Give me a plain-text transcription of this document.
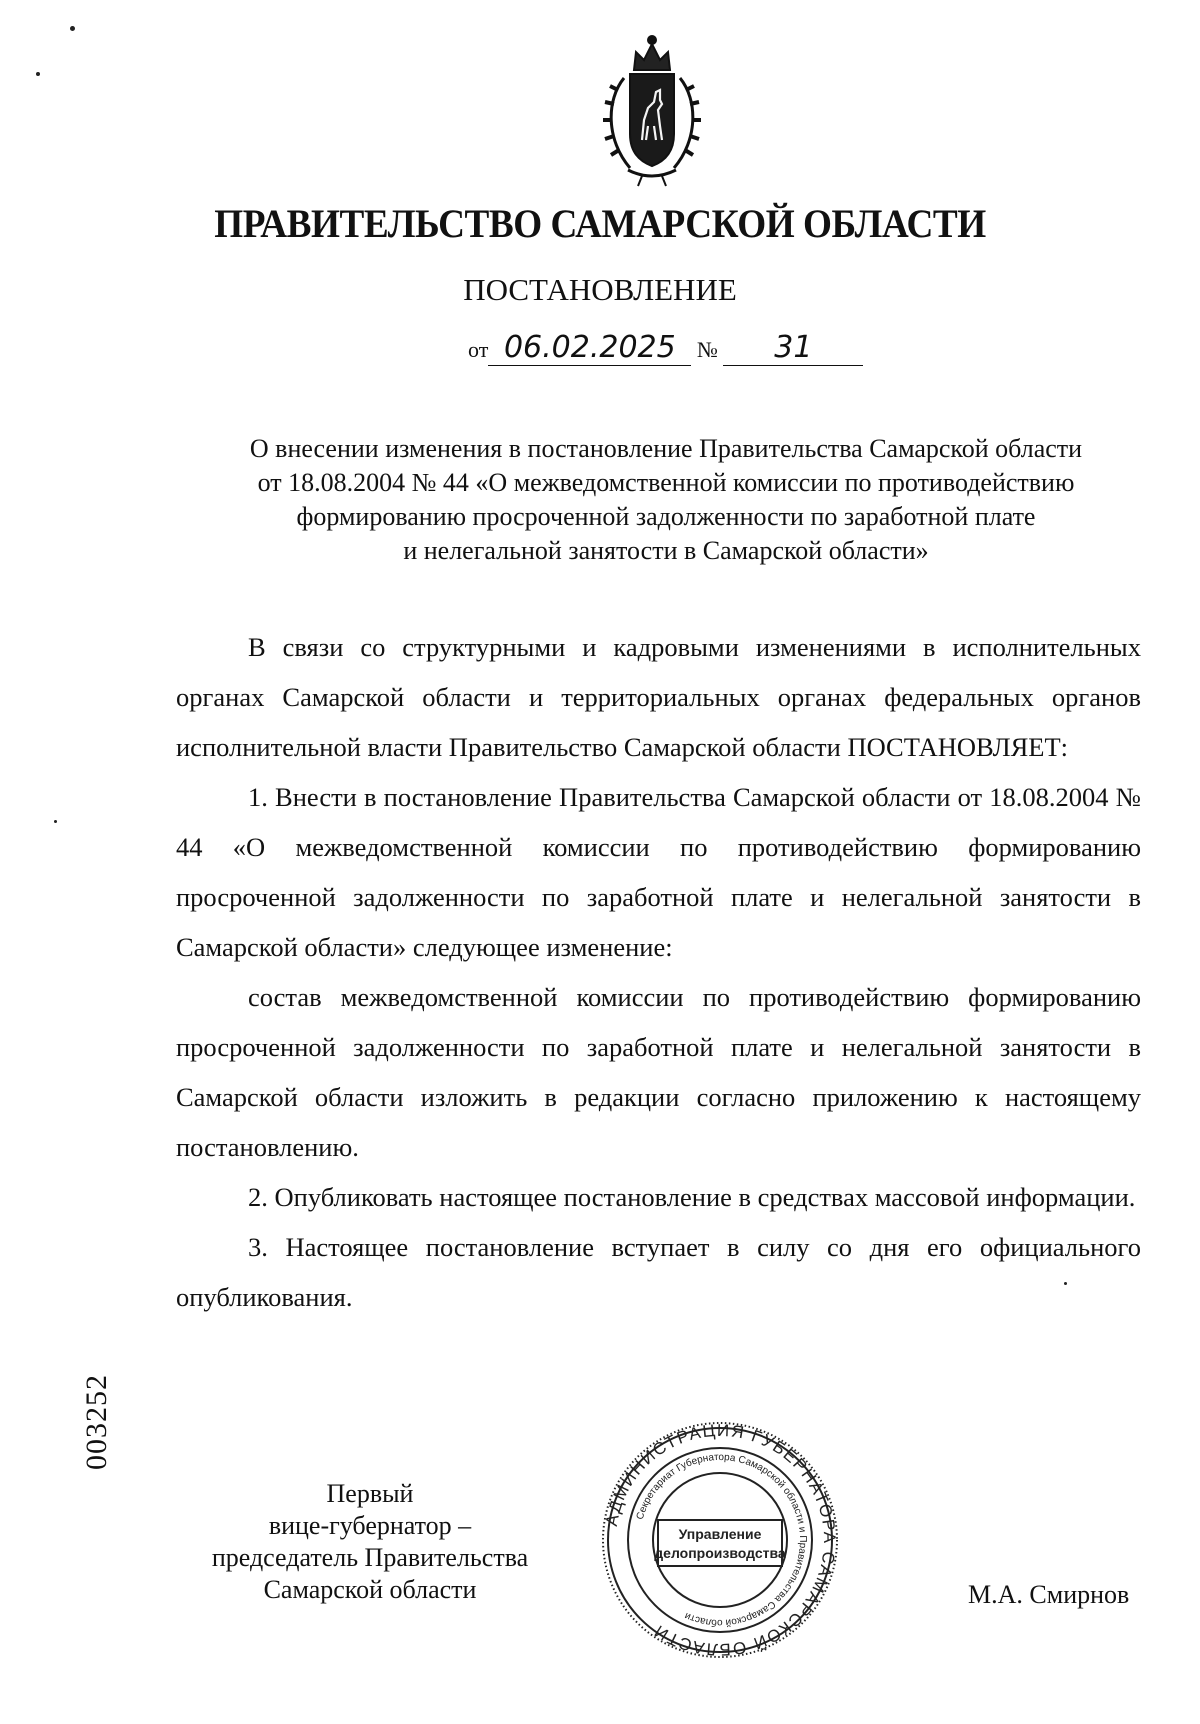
ПРАВИТЕЛЬСТВО САМАРСКОЙ ОБЛАСТИ
ПОСТАНОВЛЕНИЕ
от 06.02.2025 № 31
О внесении изменения в постановление Правительства Самарской области
от 18.08.2004 № 44 «О межведомственной комиссии по противодействию
формированию просроченной задолженности по заработной плате
и нелегальной занятости в Самарской области»

В связи со структурными и кадровыми изменениями в исполнительных органах Самарской области и территориальных органах федеральных органов исполнительной власти Правительство Самарской области ПОСТАНОВЛЯЕТ:

1. Внести в постановление Правительства Самарской области от 18.08.2004 № 44 «О межведомственной комиссии по противодействию формированию просроченной задолженности по заработной плате и нелегальной занятости в Самарской области» следующее изменение:

состав межведомственной комиссии по противодействию формированию просроченной задолженности по заработной плате и нелегальной занятости в Самарской области изложить в редакции согласно приложению к настоящему постановлению.

2. Опубликовать настоящее постановление в средствах массовой информации.

3. Настоящее постановление вступает в силу со дня его официального опубликования.

003252
Первый
вице-губернатор –
председатель Правительства
Самарской области
АДМИНИСТРАЦИЯ ГУБЕРНАТОРА САМАРСКОЙ ОБЛАСТИ
Секретариат Губернатора Самарской области и Правительства Самарской области
Управление
делопроизводства
М.А. Смирнов
